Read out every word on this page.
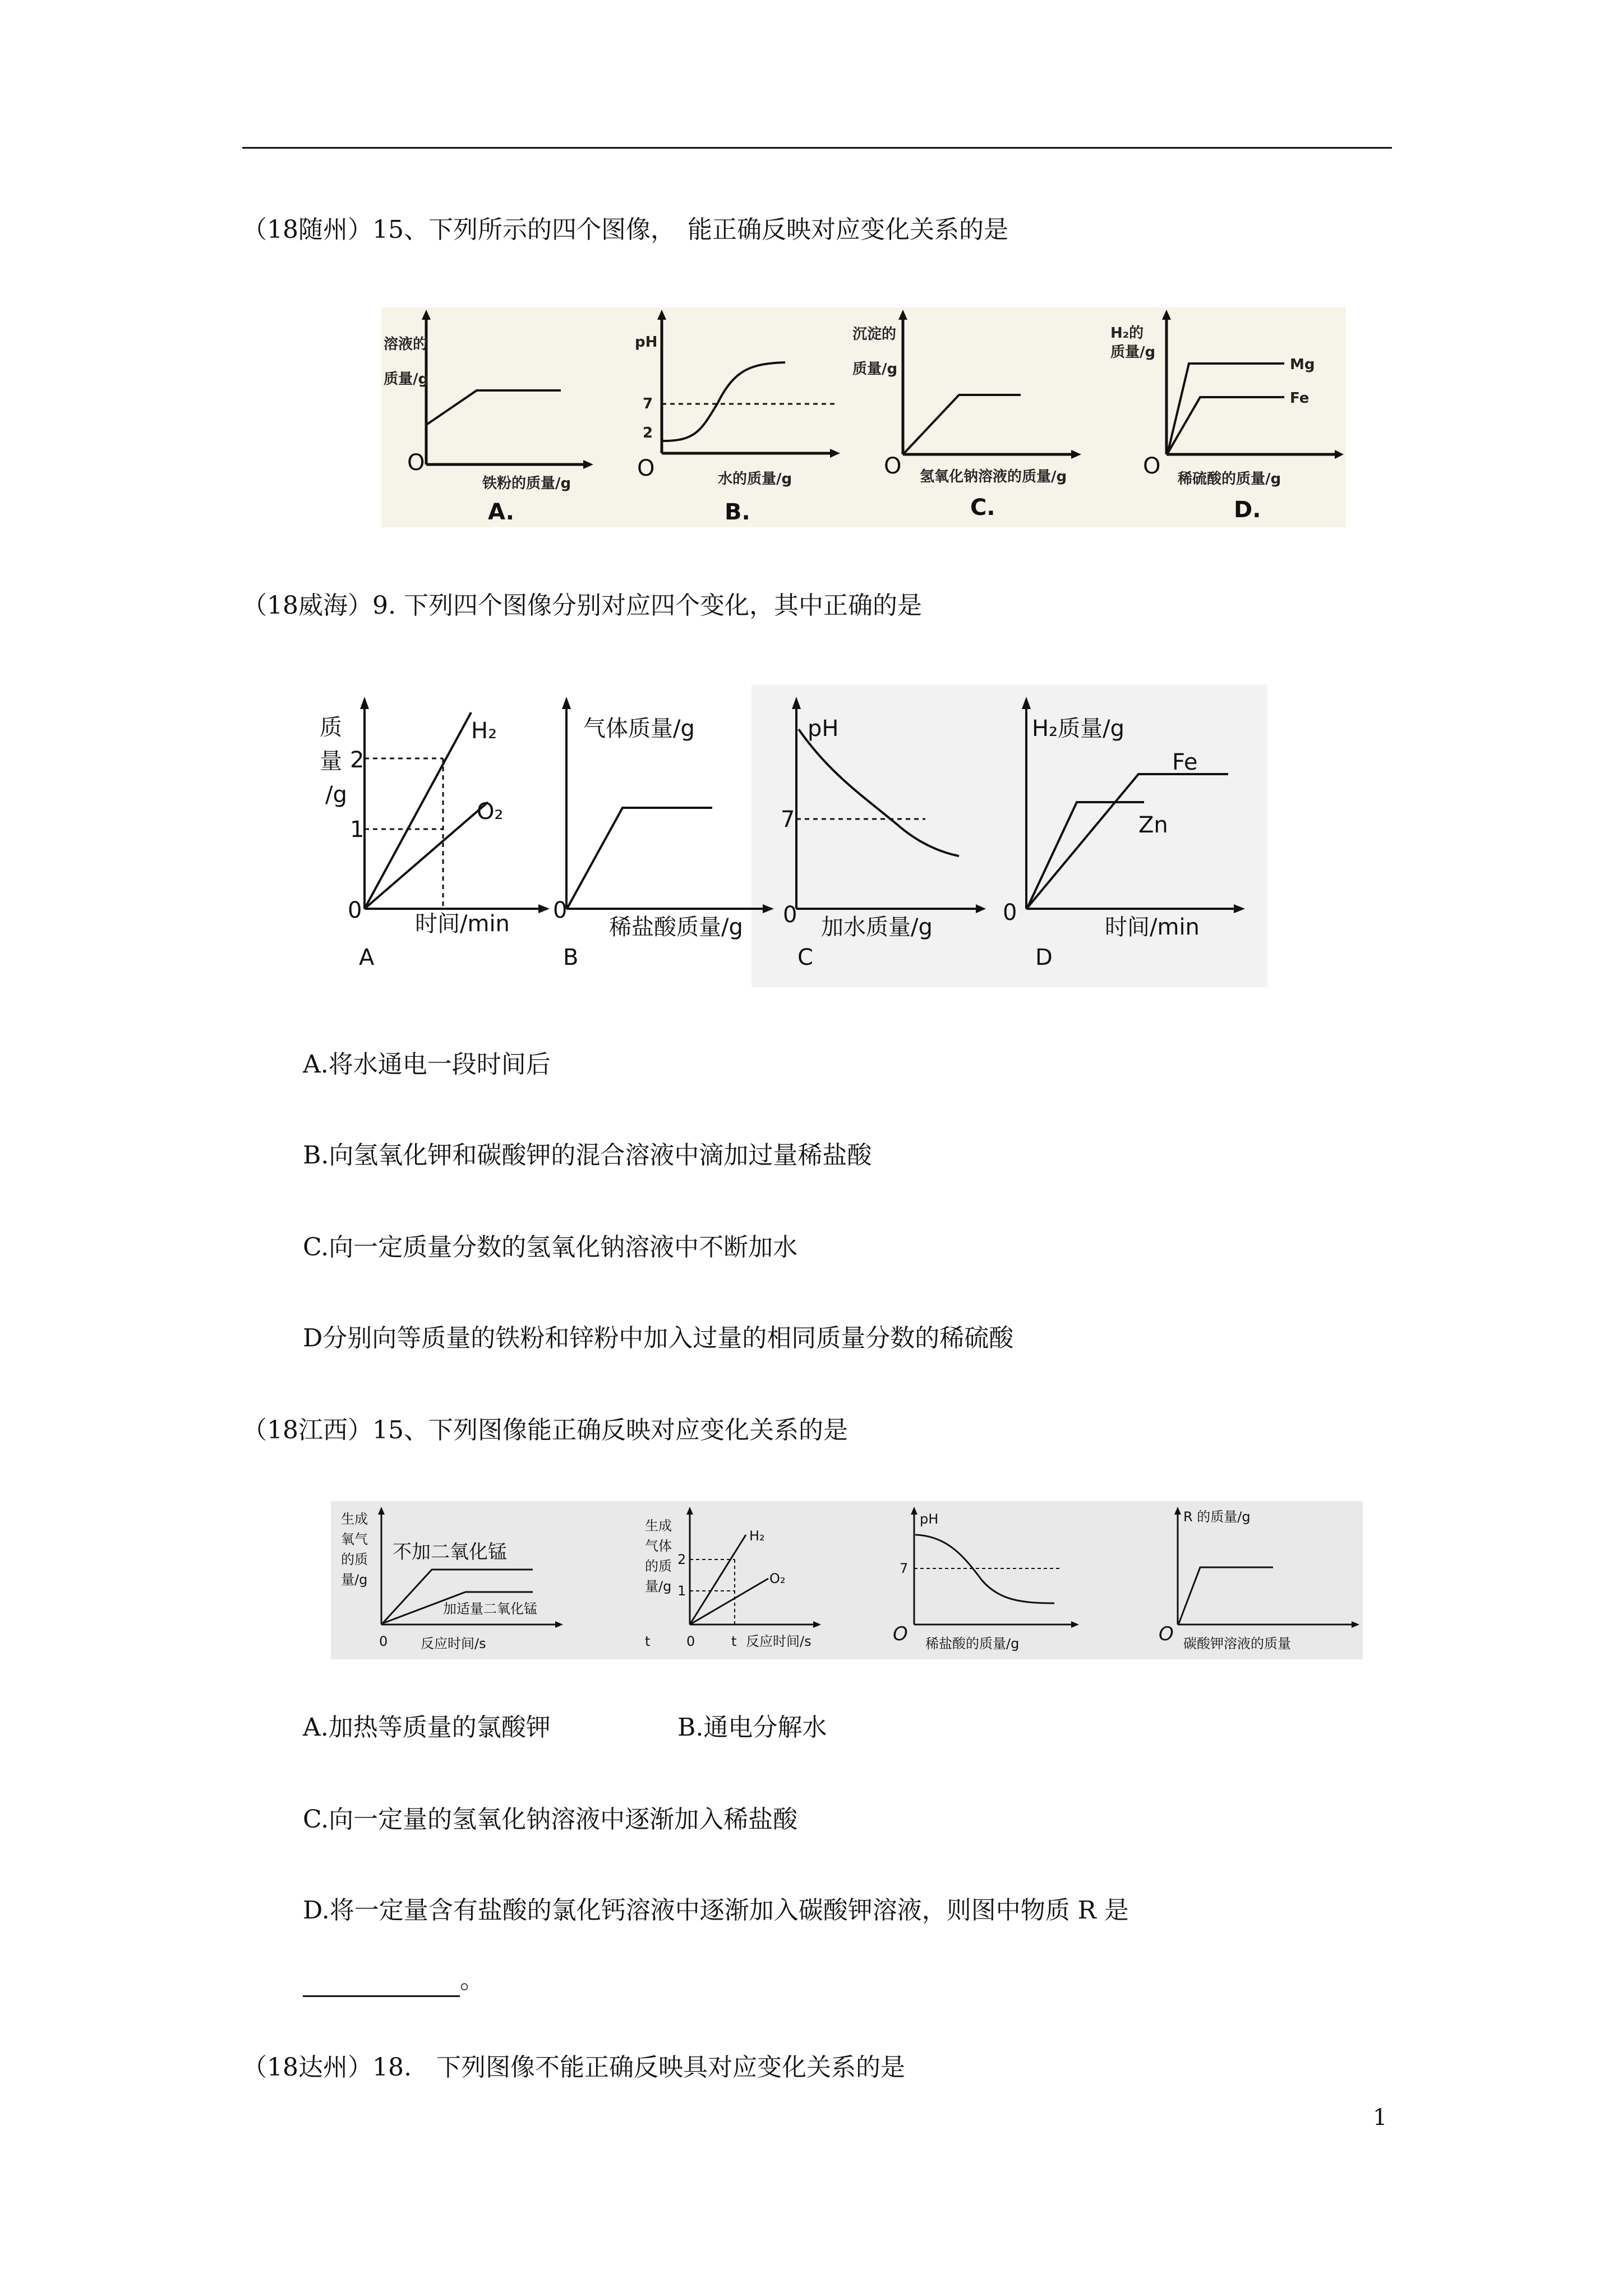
（18随州）15、下列所示的四个图像，　能正确反映对应变化关系的是
溶液的
质量/g
O
铁粉的质量/g
A.
pH
7
2
O	水的质量/g
B.
沉淀的
质量/g
O 氢氧化钠溶液的质量/g
C.
H₂的
质量/g
Mg
Fe
O 稀硫酸的质量/g
D.
（18威海）9. 下列四个图像分别对应四个变化，其中正确的是
质
量
/g
2
1
H₂
O₂
0
时间/min
A
气体质量/g
0
稀盐酸质量/g
B
pH
7
0 加水质量/g
C
H₂质量/g
Fe
Zn
0
时间/min
D
A.将水通电一段时间后
B.向氢氧化钾和碳酸钾的混合溶液中滴加过量稀盐酸
C.向一定质量分数的氢氧化钠溶液中不断加水
D分别向等质量的铁粉和锌粉中加入过量的相同质量分数的稀硫酸
（18江西）15、下列图像能正确反映对应变化关系的是
生成
氧气
的质
量/g
不加二氧化锰
加适量二氧化锰
0 反应时间/s
生成
气体
的质
量/g
2
1
H₂
O₂
t	0	t 反应时间/s
pH
7
O 稀盐酸的质量/g
R 的质量/g
O 碳酸钾溶液的质量
A.加热等质量的氯酸钾	B.通电分解水
C.向一定量的氢氧化钠溶液中逐渐加入稀盐酸
D.将一定量含有盐酸的氯化钙溶液中逐渐加入碳酸钾溶液，则图中物质 R 是
。
（18达州）18.　下列图像不能正确反映具对应变化关系的是
1
